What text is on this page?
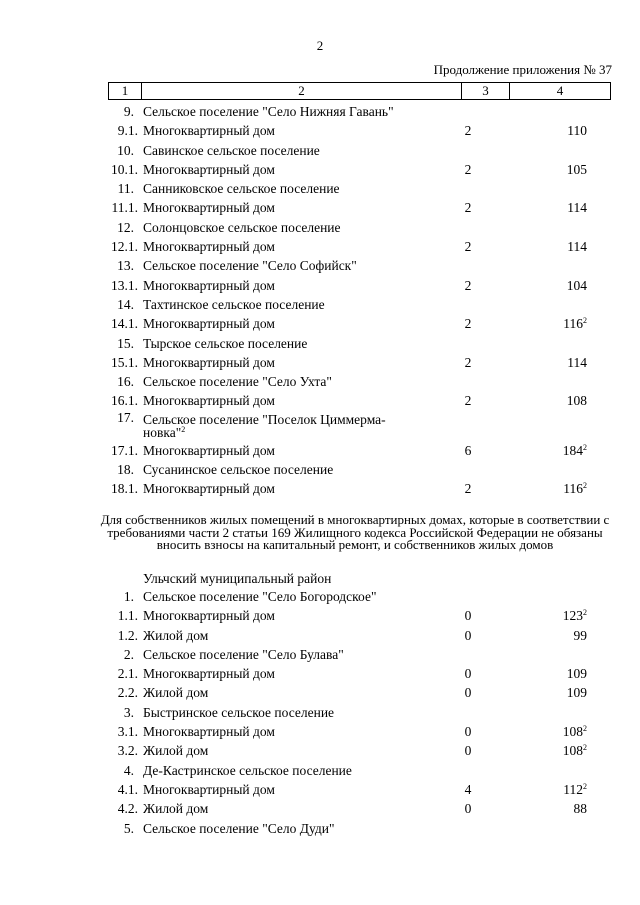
2
Продолжение приложения № 37
1	2	3	4
9. Сельское поселение "Село Нижняя Гавань"
9.1. Многоквартирный дом	2	110
10. Савинское сельское поселение
10.1. Многоквартирный дом	2	105
11. Санниковское сельское поселение
11.1. Многоквартирный дом	2	114
12. Солонцовское сельское поселение
12.1. Многоквартирный дом	2	114
13. Сельское поселение "Село Софийск"
13.1. Многоквартирный дом	2	104
14. Тахтинское сельское поселение
14.1. Многоквартирный дом	2	$116^2$
15. Тырское сельское поселение
15.1. Многоквартирный дом	2	114
16. Сельское поселение "Село Ухта"
16.1. Многоквартирный дом	2	108
17. Сельское поселение "Поселок Циммерма-новка"$^2$
17.1. Многоквартирный дом	6	$184^2$
18. Сусанинское сельское поселение
18.1. Многоквартирный дом	2	$116^2$
Для собственников жилых помещений в многоквартирных домах, которые в соответствии с требованиями части 2 статьи 169 Жилищного кодекса Российской Федерации не обязаны вносить взносы на капитальный ремонт, и собственников жилых домов
Ульчский муниципальный район
1. Сельское поселение "Село Богородское"
1.1. Многоквартирный дом	0	$123^2$
1.2. Жилой дом	0	99
2. Сельское поселение "Село Булава"
2.1. Многоквартирный дом	0	109
2.2. Жилой дом	0	109
3. Быстринское сельское поселение
3.1. Многоквартирный дом	0	$108^2$
3.2. Жилой дом	0	$108^2$
4. Де-Кастринское сельское поселение
4.1. Многоквартирный дом	4	$112^2$
4.2. Жилой дом	0	88
5. Сельское поселение "Село Дуди"
